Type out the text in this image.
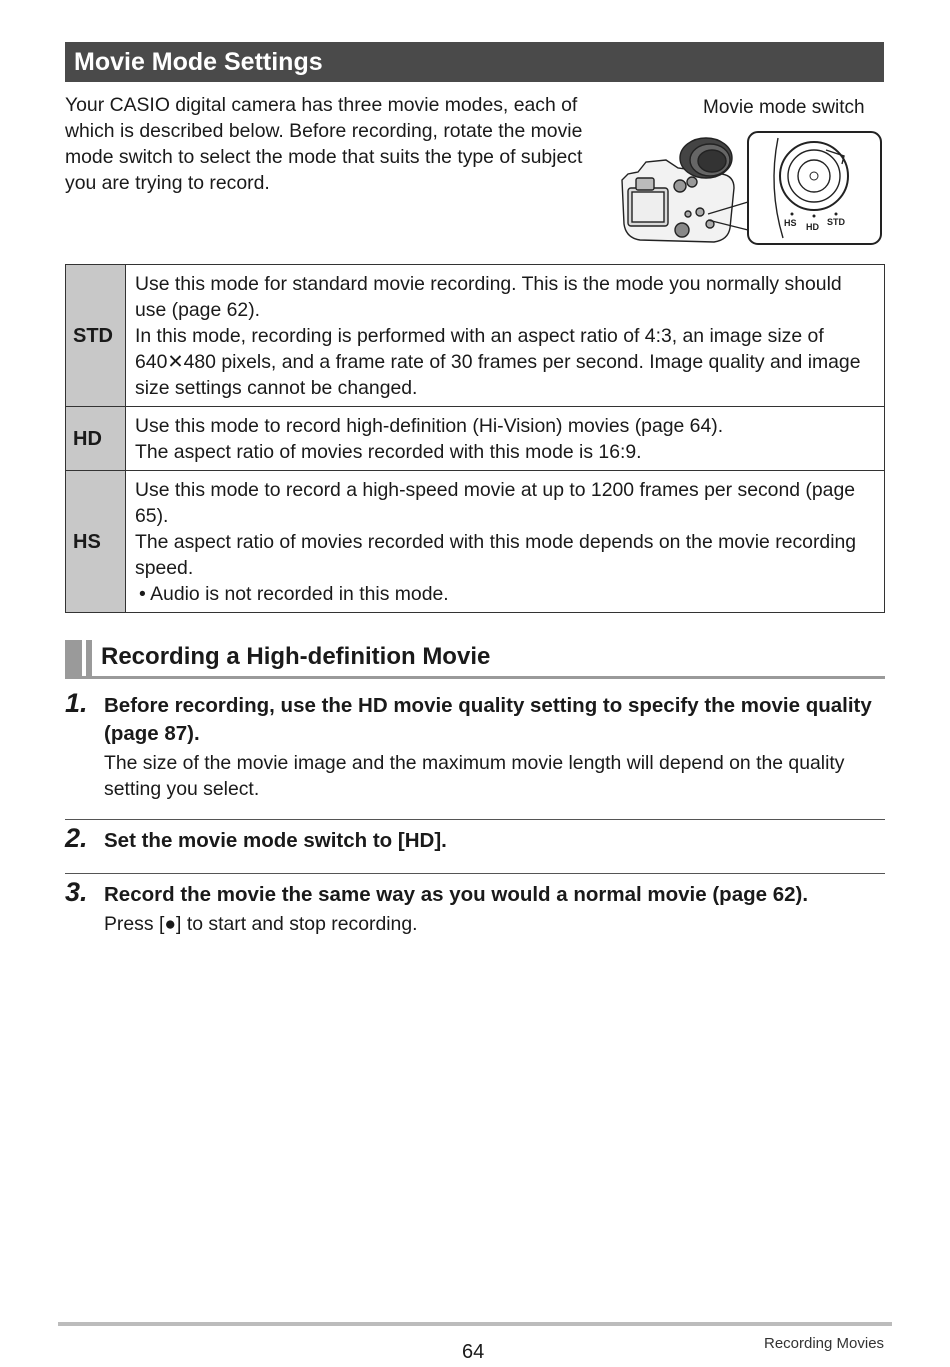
Movie Mode Settings

Your CASIO digital camera has three movie modes, each of which is described below. Before recording, rotate the movie mode switch to select the mode that suits the type of subject you are trying to record.

Movie mode switch
HS HD STD
STD	Use this mode for standard movie recording. This is the mode you normally should use (page 62).

In this mode, recording is performed with an aspect ratio of 4:3, an image size of 640✕480 pixels, and a frame rate of 30 frames per second. Image quality and image size settings cannot be changed.

HD	Use this mode to record high-definition (Hi-Vision) movies (page 64).

The aspect ratio of movies recorded with this mode is 16:9.

HS	Use this mode to record a high-speed movie at up to 1200 frames per second (page 65).

The aspect ratio of movies recorded with this mode depends on the movie recording speed.

• Audio is not recorded in this mode.

Recording a High-definition Movie
1. Before recording, use the HD movie quality setting to specify the movie quality (page 87).

The size of the movie image and the maximum movie length will depend on the quality setting you select.

2. Set the movie mode switch to [HD].

3. Record the movie the same way as you would a normal movie (page 62).

Press [●] to start and stop recording.

64	Recording Movies
